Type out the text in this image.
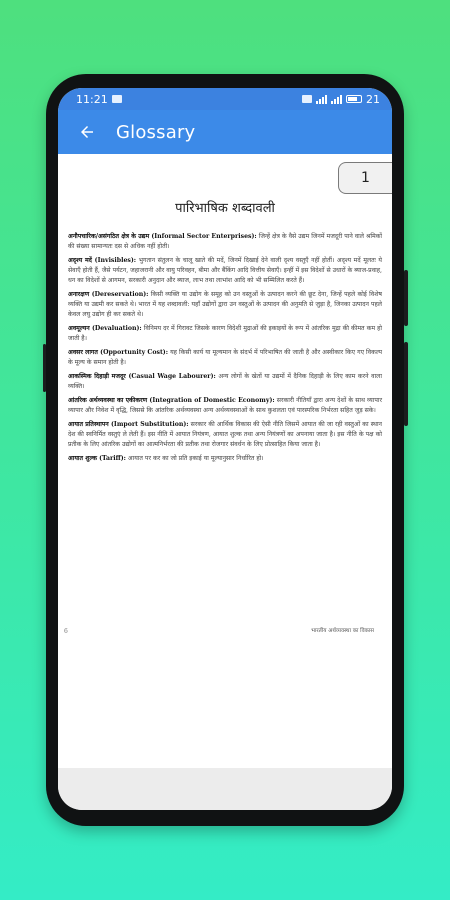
11:21	21
Glossary
1
पारिभाषिक शब्दावली

अनौपचारिक/असंगठित क्षेत्र के उद्यम (Informal Sector Enterprises): जिन्हें क्षेत्र के वैसे उद्यम जिनमें मजदूरी पाने वाले श्रमिकों की संख्या सामान्यतः दस से अधिक नहीं होती।

अदृश्य मदें (Invisibles): भुगतान संतुलन के चालू खाते की मदें, जिनमें दिखाई देने वाली दृश्य वस्तुएँ नहीं होतीं। अदृश्य मदें मूलतः ये सेवाएँ होती हैं, जैसे पर्यटन, जहाजरानी और वायु परिवहन, बीमा और बैंकिंग आदि वित्तीय सेवाएँ। इन्हीं में इस विदेशों से उधारों के ब्याज-प्रवाह, धन का विदेशों से आगमन, सरकारी अनुदान और ब्याज, लाभ तथा लाभांश आदि को भी सम्मिलित करते हैं।

अनारक्षण (Dereservation): किसी व्यक्ति या उद्योग के समूह को उन वस्तुओं के उत्पादन करने की छूट देना, जिन्हें पहले कोई विशेष व्यक्ति या उद्यमी कर सकते थे। भारत में यह शब्दावली: यहाँ उद्योगों द्वारा उन वस्तुओं के उत्पादन की अनुमति से जुड़ा है, जिनका उत्पादन पहले केवल लघु उद्योग ही कर सकते थे।

अवमूल्यन (Devaluation): विनिमय दर में गिरावट जिसके कारण विदेशी मुद्राओं की इकाइयों के रूप में आंतरिक मुद्रा की कीमत कम हो जाती है।

अवसर लागत (Opportunity Cost): यह किसी कार्य या मूल्यमान के संदर्भ में परिभाषित की जाती है और अस्वीकार किए गए विकल्प के मूल्य के समान होती है।

आकस्मिक दिहाड़ी मजदूर (Casual Wage Labourer): अन्य लोगों के खेतों या उद्यमों में दैनिक दिहाड़ी के लिए काम करने वाला व्यक्ति।

आंतरिक अर्थव्यवस्था का एकीकरण (Integration of Domestic Economy): सरकारी नीतियाँ द्वारा अन्य देशों के साथ व्यापार व्यापार और निवेश में वृद्धि, जिससे कि आंतरिक अर्थव्यवस्था अन्य अर्थव्यवस्थाओं के साथ कुशलता एवं पारस्परिक निर्भरता सहित जुड़ सके।

आयात प्रतिस्थापन (Import Substitution): सरकार की आर्थिक विकास की ऐसी नीति जिसमें आयात की जा रही वस्तुओं का स्थान देश की स्वनिर्मित वस्तुएं ले लेती हैं। इस नीति में आयात नियंत्रण, आयात शुल्क तथा अन्य नियंत्रणों का अपनाया जाता है। इस नीति के पक्ष को प्रतीक के लिए आंतरिक उद्योगों का आत्मनिर्भरता की प्रतीक तथा रोजगार संवर्धन के लिए प्रोत्साहित किया जाता है।

आयात शुल्क (Tariff): आयात पर कर का जो प्रति इकाई या मूल्यानुसार निर्धारित हो।

6	भारतीय अर्थव्यवस्था का विकास
